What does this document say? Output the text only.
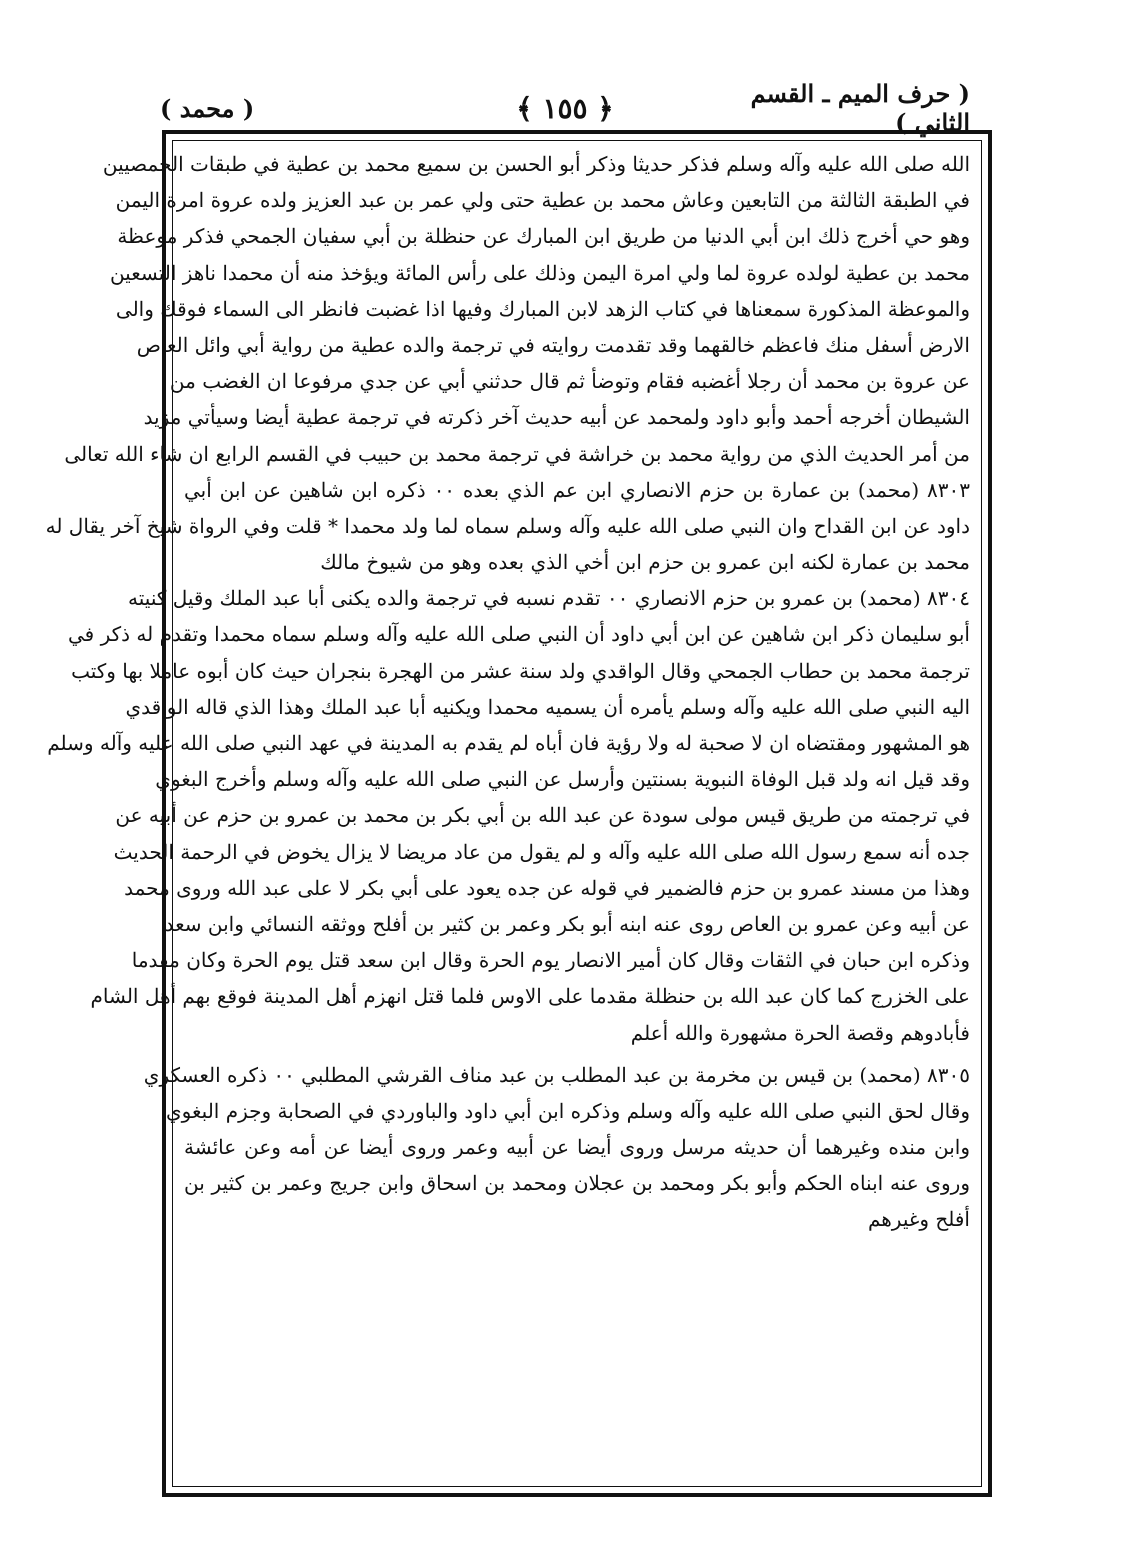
( حرف الميم ـ القسم الثاني )
﴿ ١٥٥ ﴾
( محمد )
الله صلى الله عليه وآله وسلم فذكر حديثا وذكر أبو الحسن بن سميع محمد بن عطية في طبقات الحمصيين
في الطبقة الثالثة من التابعين وعاش محمد بن عطية حتى ولي عمر بن عبد العزيز ولده عروة امرة اليمن
وهو حي أخرج ذلك ابن أبي الدنيا من طريق ابن المبارك عن حنظلة بن أبي سفيان الجمحي فذكر موعظة
محمد بن عطية لولده عروة لما ولي امرة اليمن وذلك على رأس المائة ويؤخذ منه أن محمدا ناهز التسعين
والموعظة المذكورة سمعناها في كتاب الزهد لابن المبارك وفيها اذا غضبت فانظر الى السماء فوقك والى
الارض أسفل منك فاعظم خالقهما وقد تقدمت روايته في ترجمة والده عطية من رواية أبي وائل العاص
عن عروة بن محمد أن رجلا أغضبه فقام وتوضأ ثم قال حدثني أبي عن جدي مرفوعا ان الغضب من
الشيطان أخرجه أحمد وأبو داود ولمحمد عن أبيه حديث آخر ذكرته في ترجمة عطية أيضا وسيأتي مزيد
من أمر الحديث الذي من رواية محمد بن خراشة في ترجمة محمد بن حبيب في القسم الرابع ان شاء الله تعالى
٨٣٠٣ (محمد) بن عمارة بن حزم الانصاري ابن عم الذي بعده ٠٠ ذكره ابن شاهين عن ابن أبي
داود عن ابن القداح وان النبي صلى الله عليه وآله وسلم سماه لما ولد محمدا * قلت وفي الرواة شيخ آخر يقال له
محمد بن عمارة لكنه ابن عمرو بن حزم ابن أخي الذي بعده وهو من شيوخ مالك
٨٣٠٤ (محمد) بن عمرو بن حزم الانصاري ٠٠ تقدم نسبه في ترجمة والده يكنى أبا عبد الملك وقيل كنيته
أبو سليمان ذكر ابن شاهين عن ابن أبي داود أن النبي صلى الله عليه وآله وسلم سماه محمدا وتقدم له ذكر في
ترجمة محمد بن حطاب الجمحي وقال الواقدي ولد سنة عشر من الهجرة بنجران حيث كان أبوه عاملا بها وكتب
اليه النبي صلى الله عليه وآله وسلم يأمره أن يسميه محمدا ويكنيه أبا عبد الملك وهذا الذي قاله الواقدي
هو المشهور ومقتضاه ان لا صحبة له ولا رؤية فان أباه لم يقدم به المدينة في عهد النبي صلى الله عليه وآله وسلم
وقد قيل انه ولد قبل الوفاة النبوية بسنتين وأرسل عن النبي صلى الله عليه وآله وسلم وأخرج البغوي
في ترجمته من طريق قيس مولى سودة عن عبد الله بن أبي بكر بن محمد بن عمرو بن حزم عن أبيه عن
جده أنه سمع رسول الله صلى الله عليه وآله و لم يقول من عاد مريضا لا يزال يخوض في الرحمة الحديث
وهذا من مسند عمرو بن حزم فالضمير في قوله عن جده يعود على أبي بكر لا على عبد الله وروى محمد
عن أبيه وعن عمرو بن العاص روى عنه ابنه أبو بكر وعمر بن كثير بن أفلح ووثقه النسائي وابن سعد
وذكره ابن حبان في الثقات وقال كان أمير الانصار يوم الحرة وقال ابن سعد قتل يوم الحرة وكان مقدما
على الخزرج كما كان عبد الله بن حنظلة مقدما على الاوس فلما قتل انهزم أهل المدينة فوقع بهم أهل الشام
فأبادوهم وقصة الحرة مشهورة والله أعلم
٨٣٠٥ (محمد) بن قيس بن مخرمة بن عبد المطلب بن عبد مناف القرشي المطلبي ٠٠ ذكره العسكري
وقال لحق النبي صلى الله عليه وآله وسلم وذكره ابن أبي داود والباوردي في الصحابة وجزم البغوي
وابن منده وغيرهما أن حديثه مرسل وروى أيضا عن أبيه وعمر وروى أيضا عن أمه وعن عائشة
وروى عنه ابناه الحكم وأبو بكر ومحمد بن عجلان ومحمد بن اسحاق وابن جريج وعمر بن كثير بن
أفلح وغيرهم
